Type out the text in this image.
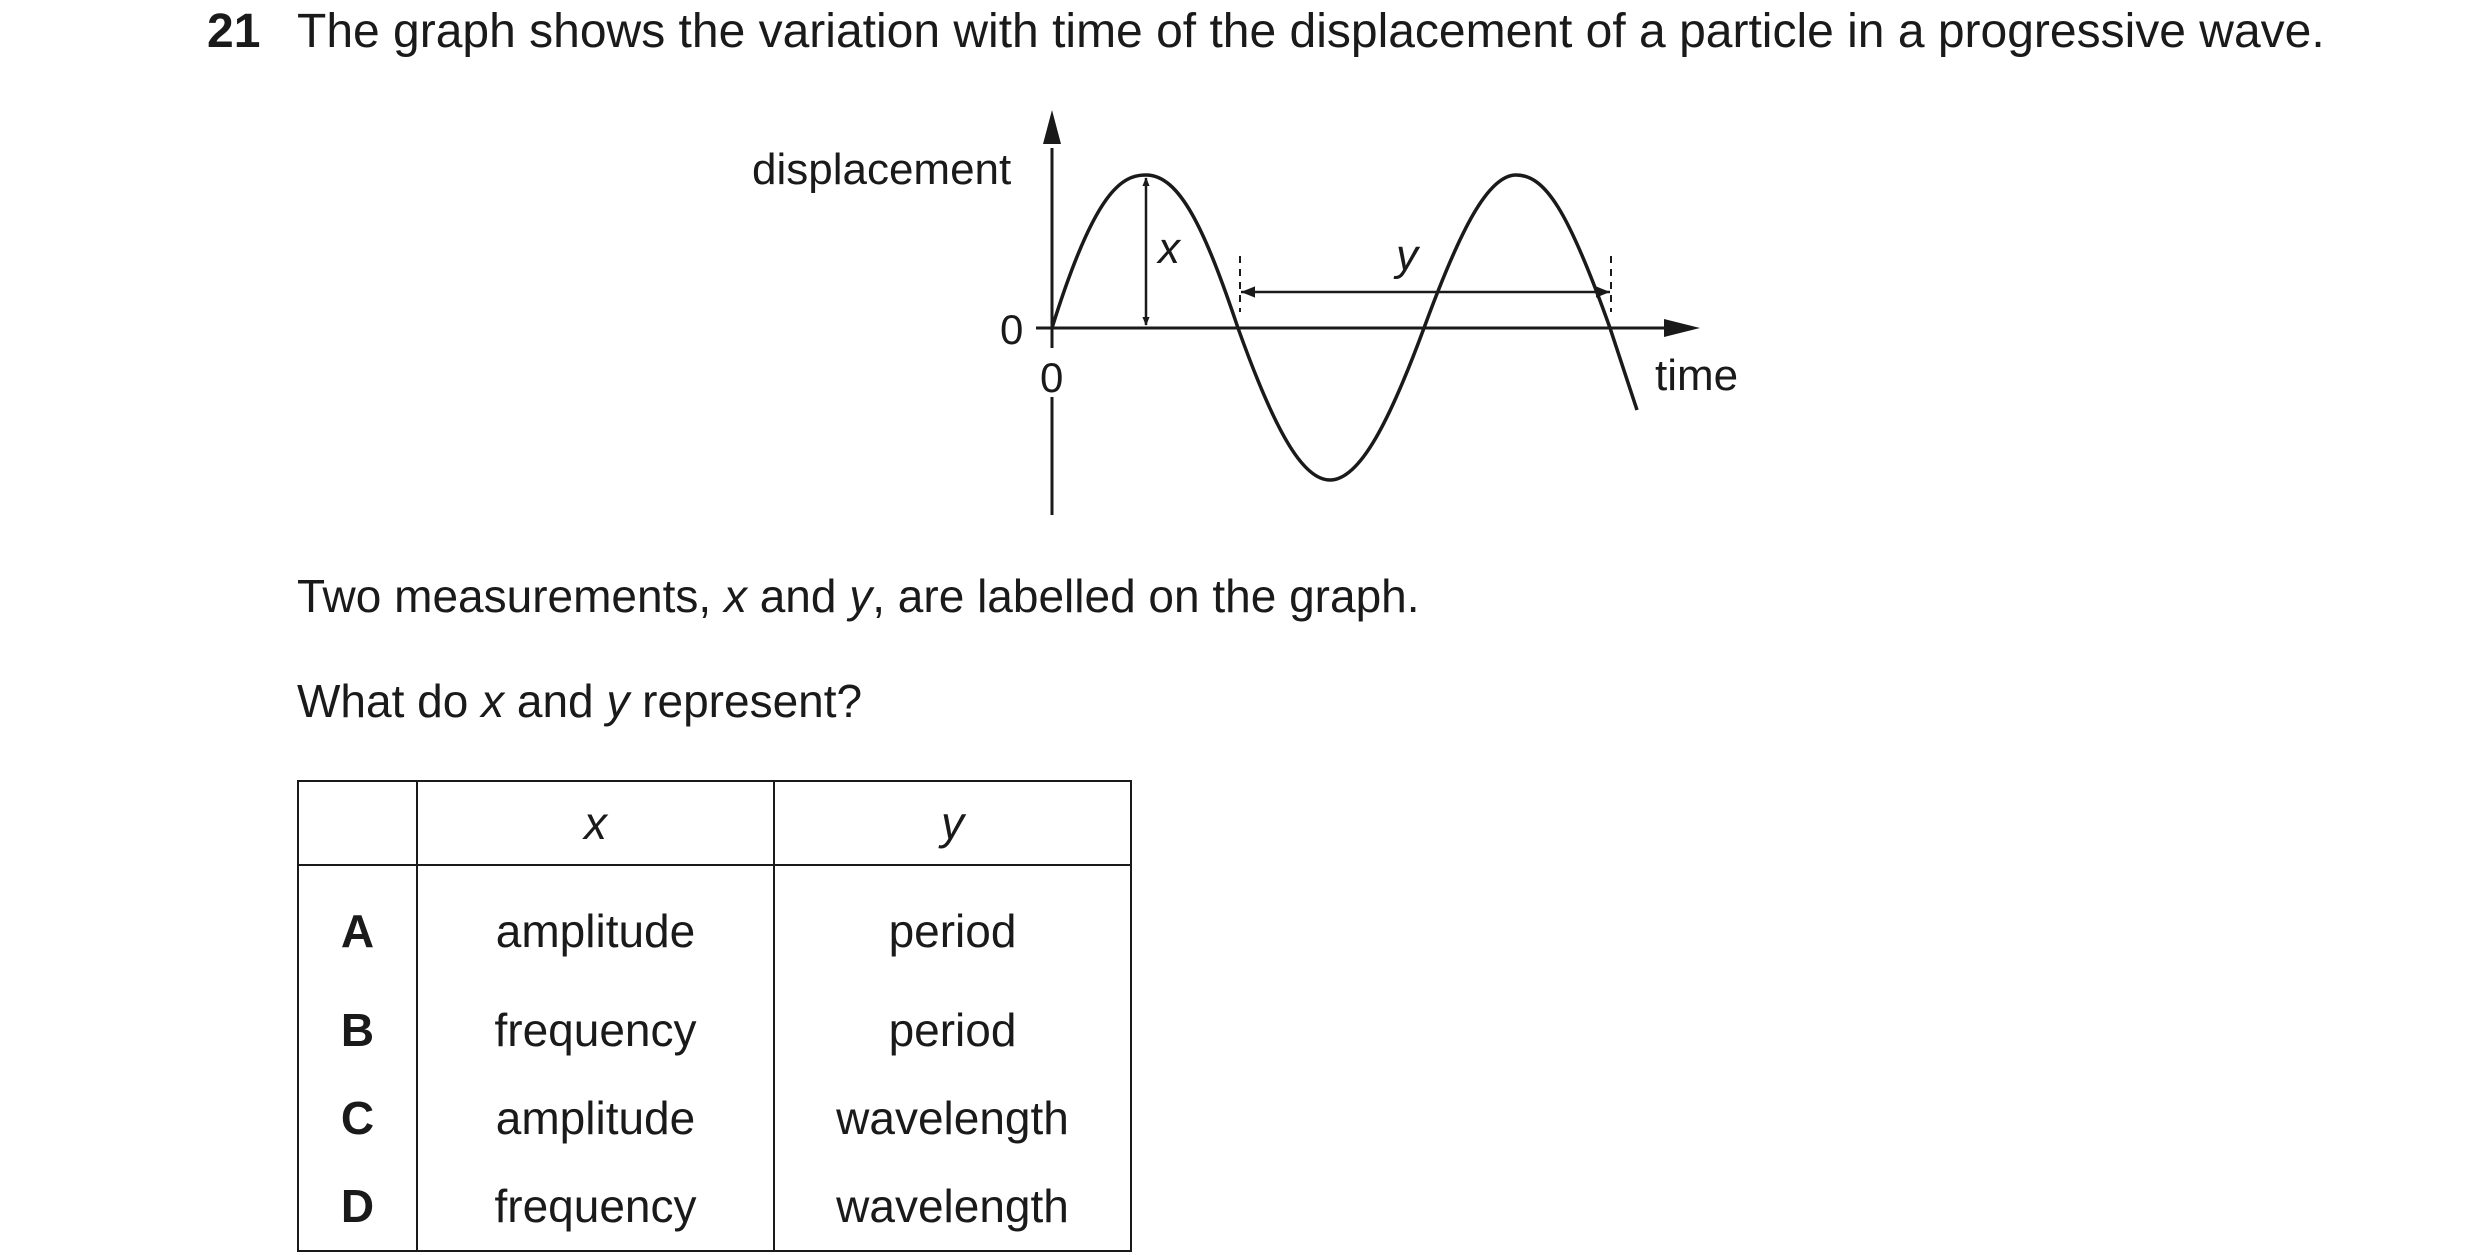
21 The graph shows the variation with time of the displacement of a particle in a progressive wave.
x	y
0
0
displacement
time
Two measurements, x and y, are labelled on the graph.
What do x and y represent?
	x	y
A	amplitude	period
B	frequency	period
C	amplitude	wavelength
D	frequency	wavelength
